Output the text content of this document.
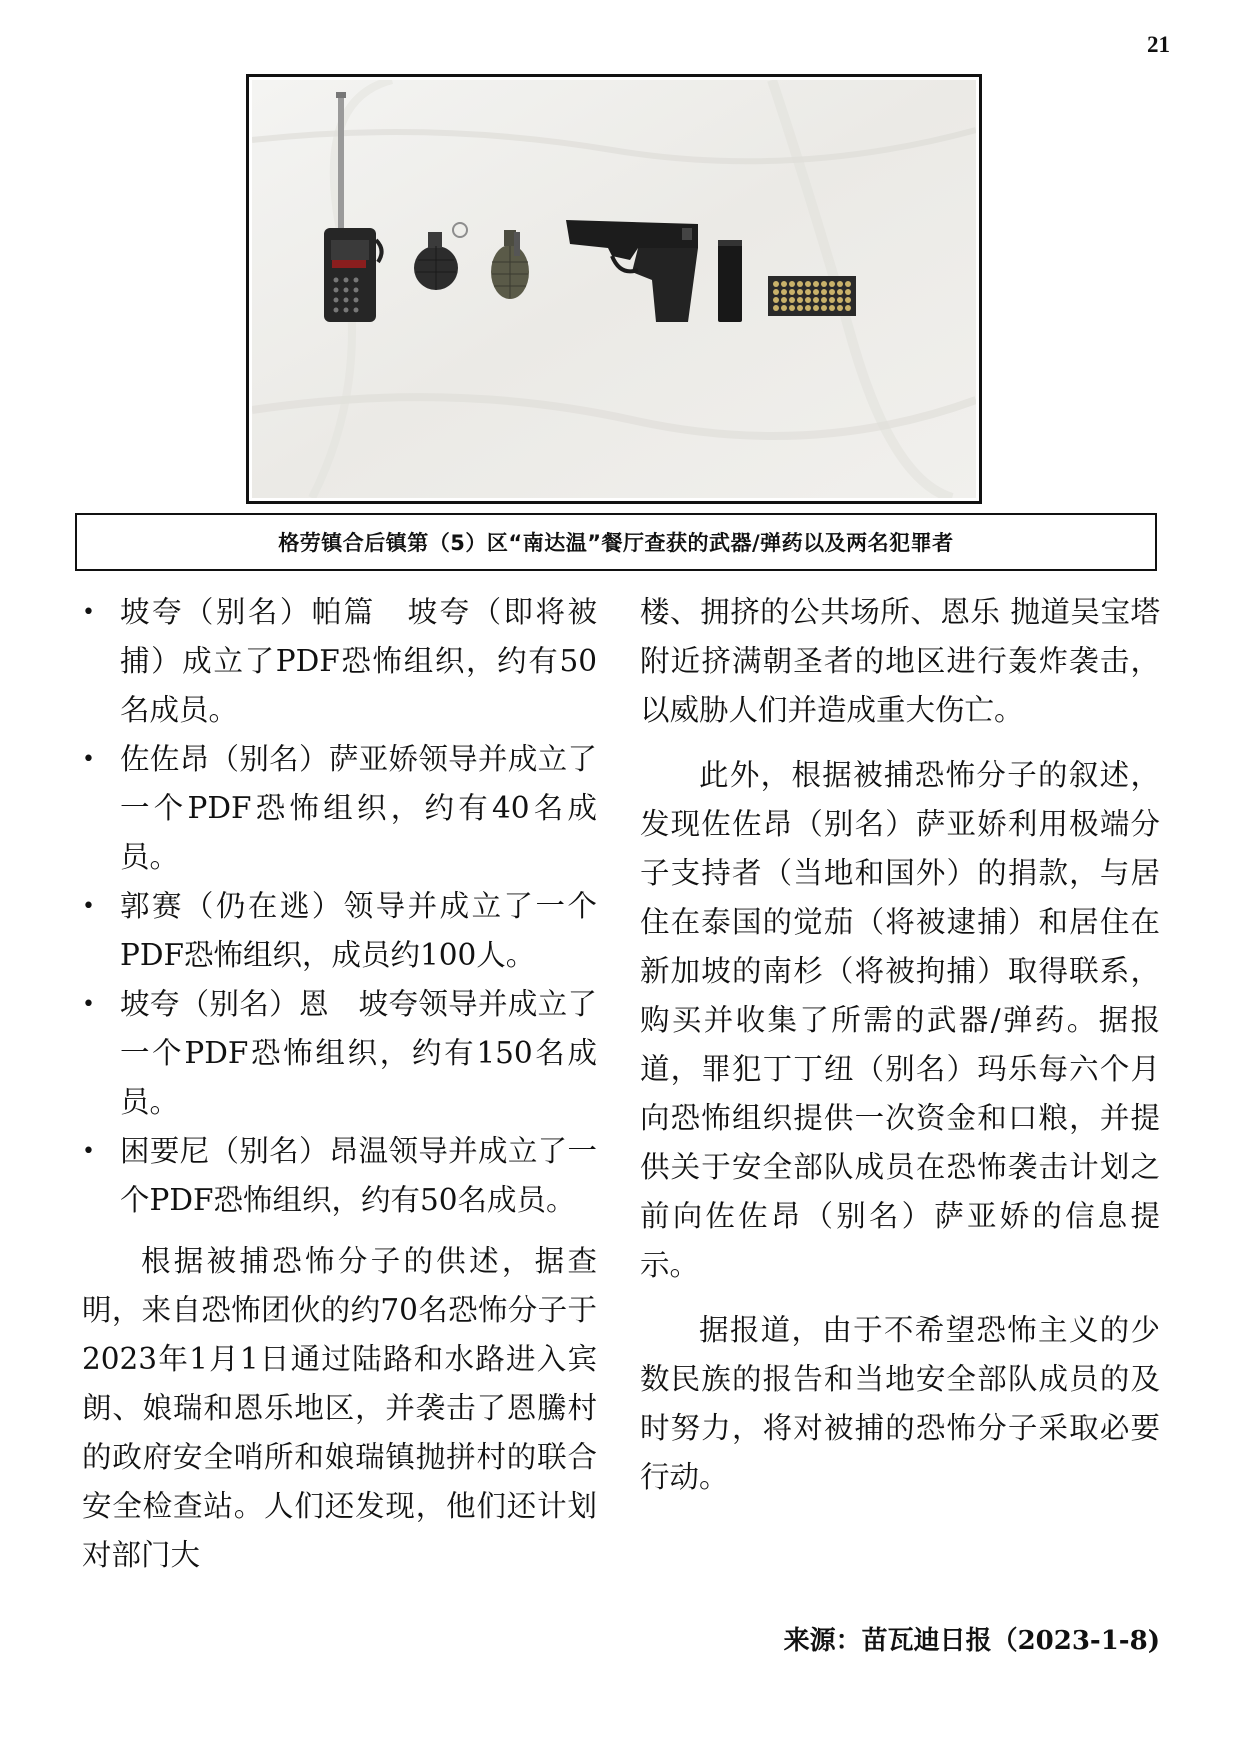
21
格劳镇合后镇第（5）区“南达温”餐厅查获的武器/弹药以及两名犯罪者
• 坡夸（别名）帕篇　坡夸（即将被捕）成立了PDF恐怖组织，约有50名成员。
• 佐佐昂（别名）萨亚娇领导并成立了一个PDF恐怖组织，约有40名成员。
• 郭赛（仍在逃）领导并成立了一个PDF恐怖组织，成员约100人。
• 坡夸（别名）恩　坡夸领导并成立了一个PDF恐怖组织，约有150名成员。
• 困要尼（别名）昂温领导并成立了一个PDF恐怖组织，约有50名成员。

根据被捕恐怖分子的供述，据查明，来自恐怖团伙的约70名恐怖分子于2023年1月1日通过陆路和水路进入宾朗、娘瑞和恩乐地区，并袭击了恩騰村的政府安全哨所和娘瑞镇抛拼村的联合安全检查站。人们还发现，他们还计划对部门大

楼、拥挤的公共场所、恩乐 抛道吴宝塔附近挤满朝圣者的地区进行轰炸袭击，以威胁人们并造成重大伤亡。

此外，根据被捕恐怖分子的叙述，发现佐佐昂（别名）萨亚娇利用极端分子支持者（当地和国外）的捐款，与居住在泰国的觉茄（将被逮捕）和居住在新加坡的南杉（将被拘捕）取得联系，购买并收集了所需的武器/弹药。据报道，罪犯丁丁纽（别名）玛乐每六个月向恐怖组织提供一次资金和口粮，并提供关于安全部队成员在恐怖袭击计划之前向佐佐昂（别名）萨亚娇的信息提示。

据报道，由于不希望恐怖主义的少数民族的报告和当地安全部队成员的及时努力，将对被捕的恐怖分子采取必要行动。

来源：苗瓦迪日报（2023-1-8)
